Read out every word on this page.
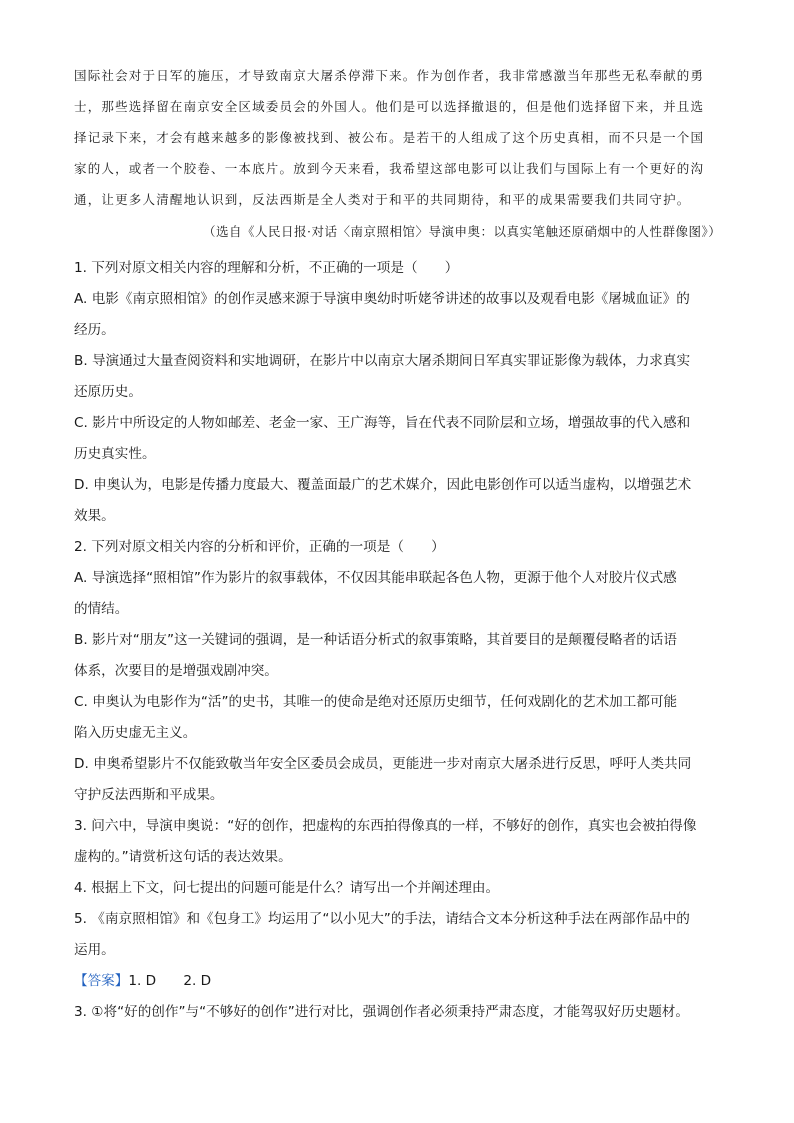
国际社会对于日军的施压，才导致南京大屠杀停滞下来。作为创作者，我非常感激当年那些无私奉献的勇
士，那些选择留在南京安全区域委员会的外国人。他们是可以选择撤退的，但是他们选择留下来，并且选
择记录下来，才会有越来越多的影像被找到、被公布。是若干的人组成了这个历史真相，而不只是一个国
家的人，或者一个胶卷、一本底片。放到今天来看，我希望这部电影可以让我们与国际上有一个更好的沟
通，让更多人清醒地认识到，反法西斯是全人类对于和平的共同期待，和平的成果需要我们共同守护。
（选自《人民日报·对话〈南京照相馆〉导演申奥：以真实笔触还原硝烟中的人性群像图》）
1. 下列对原文相关内容的理解和分析，不正确的一项是（　　）
A. 电影《南京照相馆》的创作灵感来源于导演申奥幼时听姥爷讲述的故事以及观看电影《屠城血证》的
经历。
B. 导演通过大量查阅资料和实地调研，在影片中以南京大屠杀期间日军真实罪证影像为载体，力求真实
还原历史。
C. 影片中所设定的人物如邮差、老金一家、王广海等，旨在代表不同阶层和立场，增强故事的代入感和
历史真实性。
D. 申奥认为，电影是传播力度最大、覆盖面最广的艺术媒介，因此电影创作可以适当虚构，以增强艺术
效果。
2. 下列对原文相关内容的分析和评价，正确的一项是（　　）
A. 导演选择“照相馆”作为影片的叙事载体，不仅因其能串联起各色人物，更源于他个人对胶片仪式感
的情结。
B. 影片对“朋友”这一关键词的强调，是一种话语分析式的叙事策略，其首要目的是颠覆侵略者的话语
体系，次要目的是增强戏剧冲突。
C. 申奥认为电影作为“活”的史书，其唯一的使命是绝对还原历史细节，任何戏剧化的艺术加工都可能
陷入历史虚无主义。
D. 申奥希望影片不仅能致敬当年安全区委员会成员，更能进一步对南京大屠杀进行反思，呼吁人类共同
守护反法西斯和平成果。
3. 问六中，导演申奥说：“好的创作，把虚构的东西拍得像真的一样，不够好的创作，真实也会被拍得像
虚构的。”请赏析这句话的表达效果。
4. 根据上下文，问七提出的问题可能是什么？请写出一个并阐述理由。
5. 《南京照相馆》和《包身工》均运用了“以小见大”的手法，请结合文本分析这种手法在两部作品中的
运用。
【答案】1. D　　2. D
3. ①将“好的创作”与“不够好的创作”进行对比，强调创作者必须秉持严肃态度，才能驾驭好历史题材。
